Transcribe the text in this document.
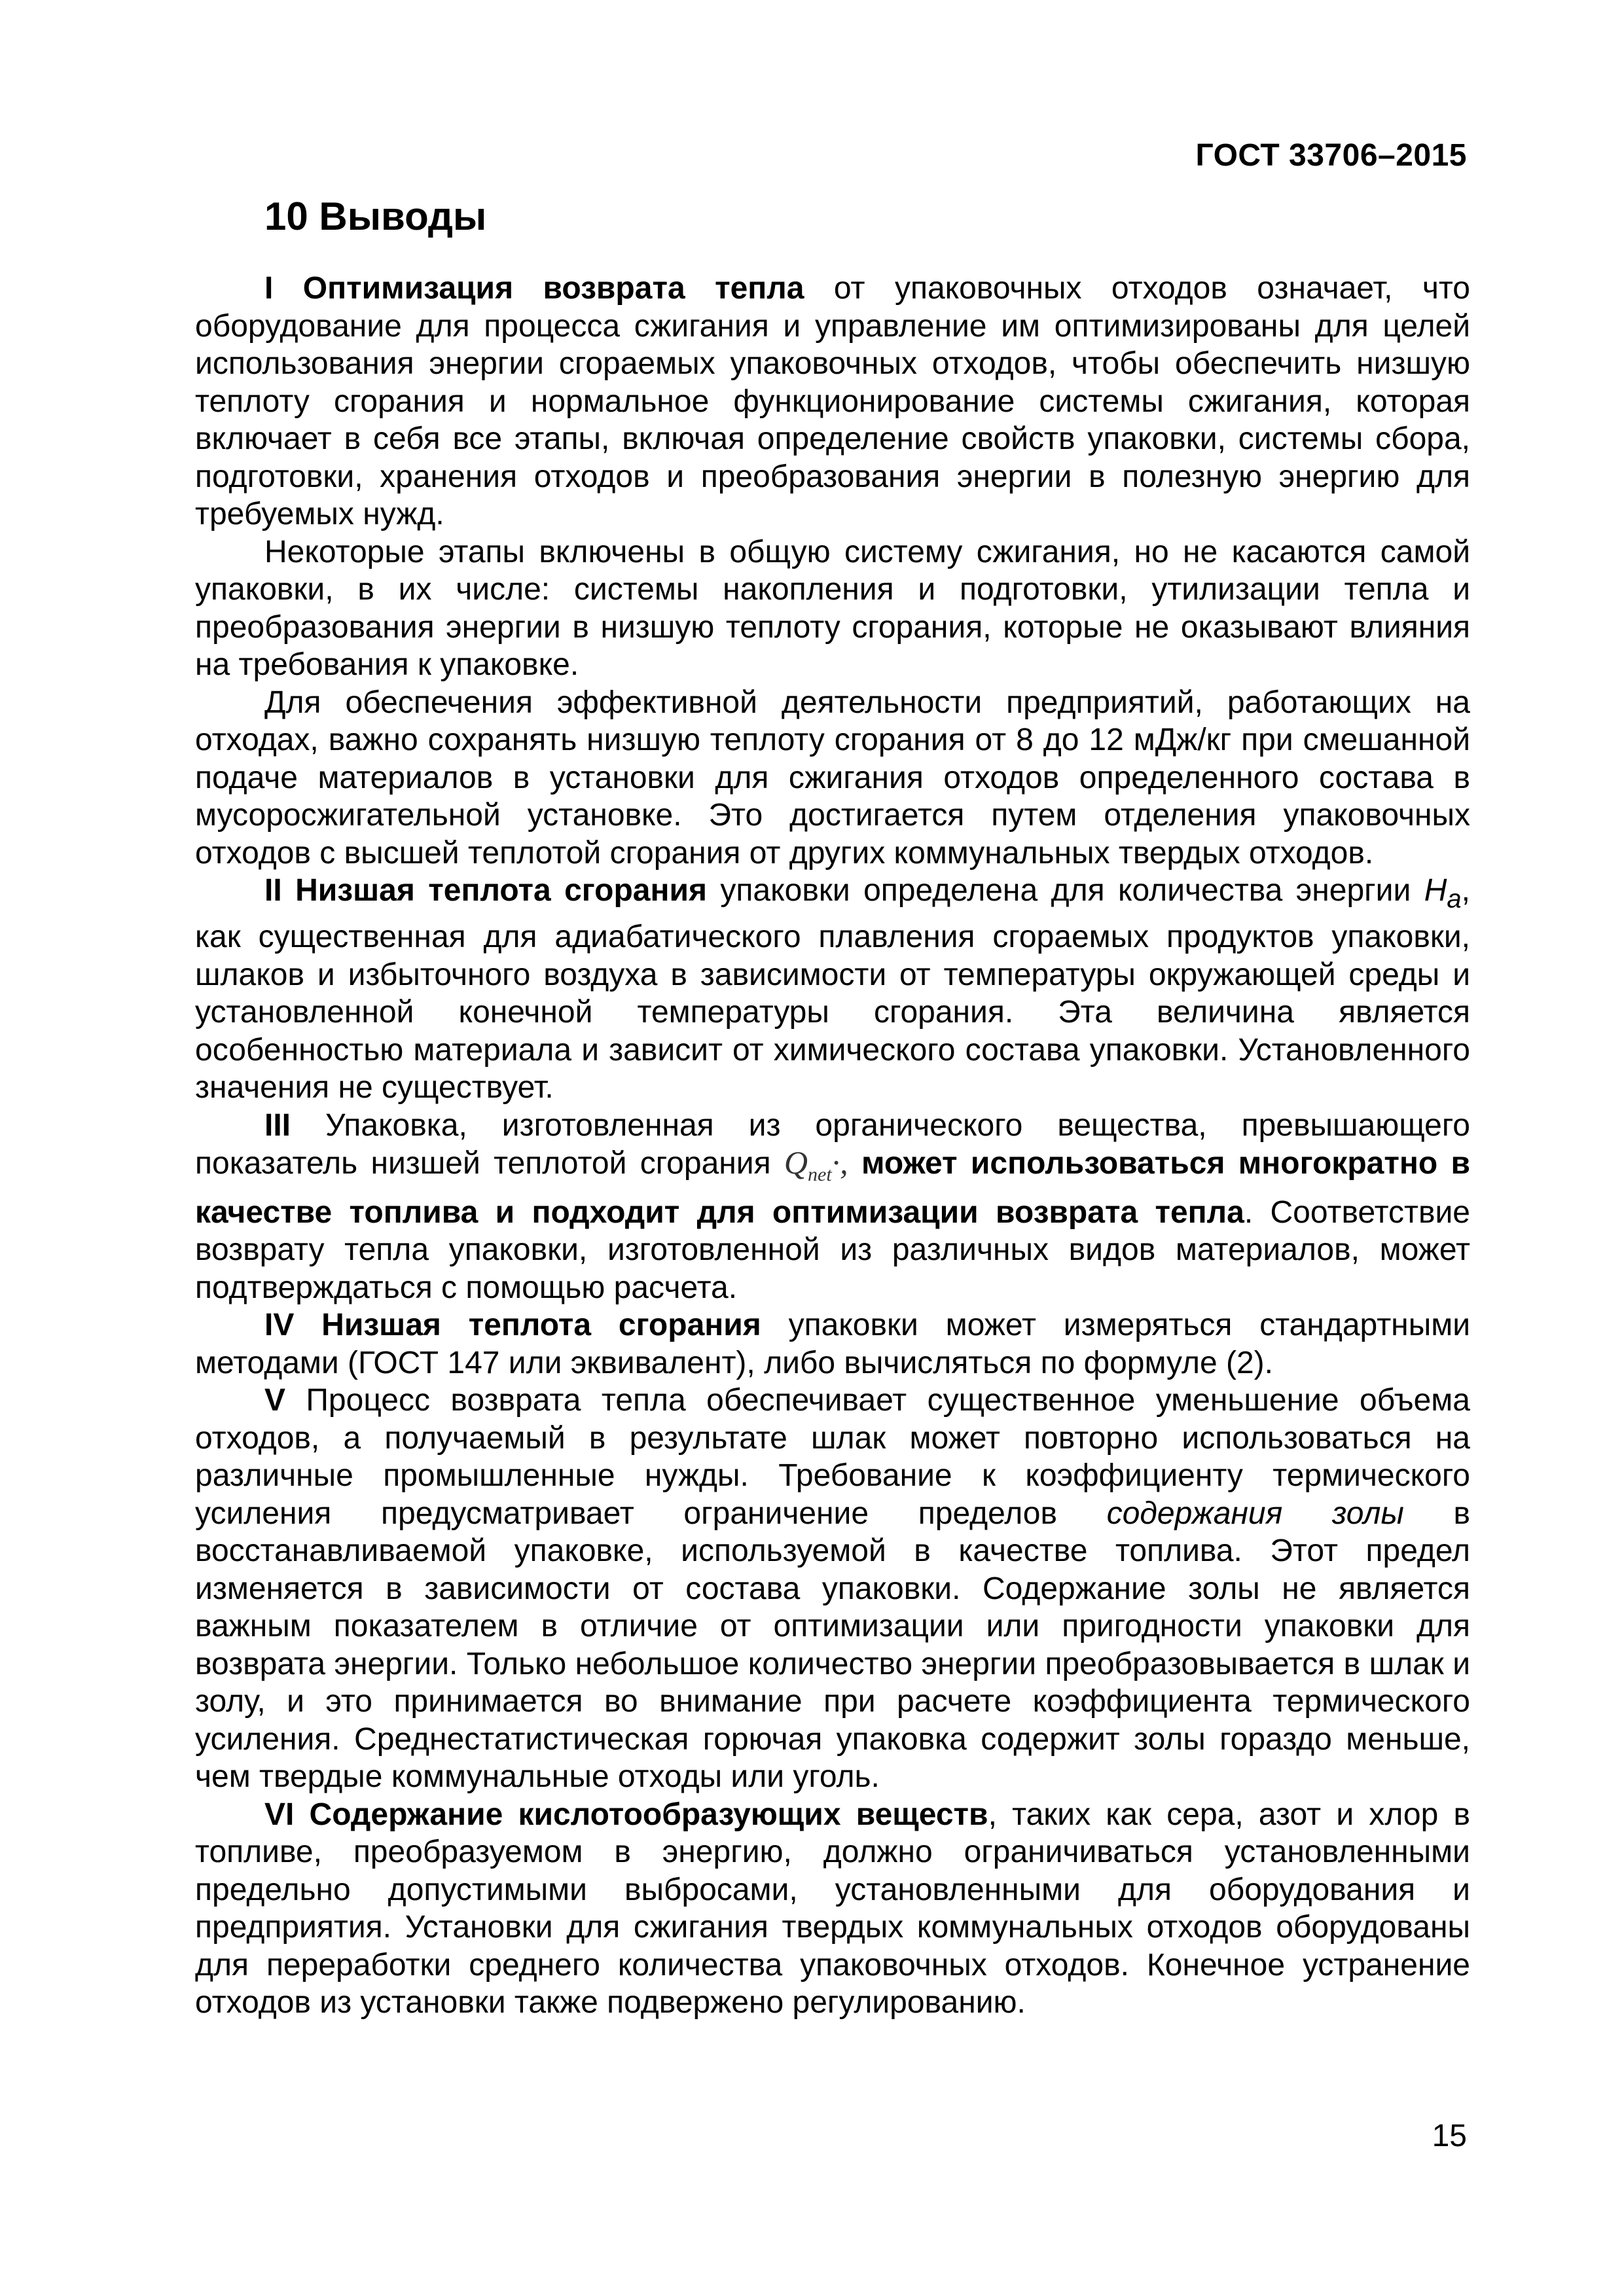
ГОСТ 33706–2015
10 Выводы

I Оптимизация возврата тепла от упаковочных отходов означает, что оборудование для процесса сжигания и управление им оптимизированы для целей использования энергии сгораемых упаковочных отходов, чтобы обеспечить низшую теплоту сгорания и нормальное функционирование системы сжигания, которая включает в себя все этапы, включая определение свойств упаковки, системы сбора, подготовки, хранения отходов и преобразования энергии в полезную энергию для требуемых нужд.

Некоторые этапы включены в общую систему сжигания, но не касаются самой упаковки, в их числе: системы накопления и подготовки, утилизации тепла и преобразования энергии в низшую теплоту сгорания, которые не оказывают влияния на требования к упаковке.

Для обеспечения эффективной деятельности предприятий, работающих на отходах, важно сохранять низшую теплоту сгорания от 8 до 12 мДж/кг при смешанной подаче материалов в установки для сжигания отходов определенного состава в мусоросжигательной установке. Это достигается путем отделения упаковочных отходов с высшей теплотой сгорания от других коммунальных твердых отходов.

II Низшая теплота сгорания упаковки определена для количества энергии $H_a$, как существенная для адиабатического плавления сгораемых продуктов упаковки, шлаков и избыточного воздуха в зависимости от температуры окружающей среды и установленной конечной температуры сгорания. Эта величина является особенностью материала и зависит от химического состава упаковки. Установленного значения не существует.

III Упаковка, изготовленная из органического вещества, превышающего показатель низшей теплотой сгорания $Q_{net}\cdot$, может использоваться многократно в качестве топлива и подходит для оптимизации возврата тепла. Соответствие возврату тепла упаковки, изготовленной из различных видов материалов, может подтверждаться с помощью расчета.

IV Низшая теплота сгорания упаковки может измеряться стандартными методами (ГОСТ 147 или эквивалент), либо вычисляться по формуле (2).

V Процесс возврата тепла обеспечивает существенное уменьшение объема отходов, а получаемый в результате шлак может повторно использоваться на различные промышленные нужды. Требование к коэффициенту термического усиления предусматривает ограничение пределов содержания золы в восстанавливаемой упаковке, используемой в качестве топлива. Этот предел изменяется в зависимости от состава упаковки. Содержание золы не является важным показателем в отличие от оптимизации или пригодности упаковки для возврата энергии. Только небольшое количество энергии преобразовывается в шлак и золу, и это принимается во внимание при расчете коэффициента термического усиления. Среднестатистическая горючая упаковка содержит золы гораздо меньше, чем твердые коммунальные отходы или уголь.

VI Содержание кислотообразующих веществ, таких как сера, азот и хлор в топливе, преобразуемом в энергию, должно ограничиваться установленными предельно допустимыми выбросами, установленными для оборудования и предприятия. Установки для сжигания твердых коммунальных отходов оборудованы для переработки среднего количества упаковочных отходов. Конечное устранение отходов из установки также подвержено регулированию.

15
